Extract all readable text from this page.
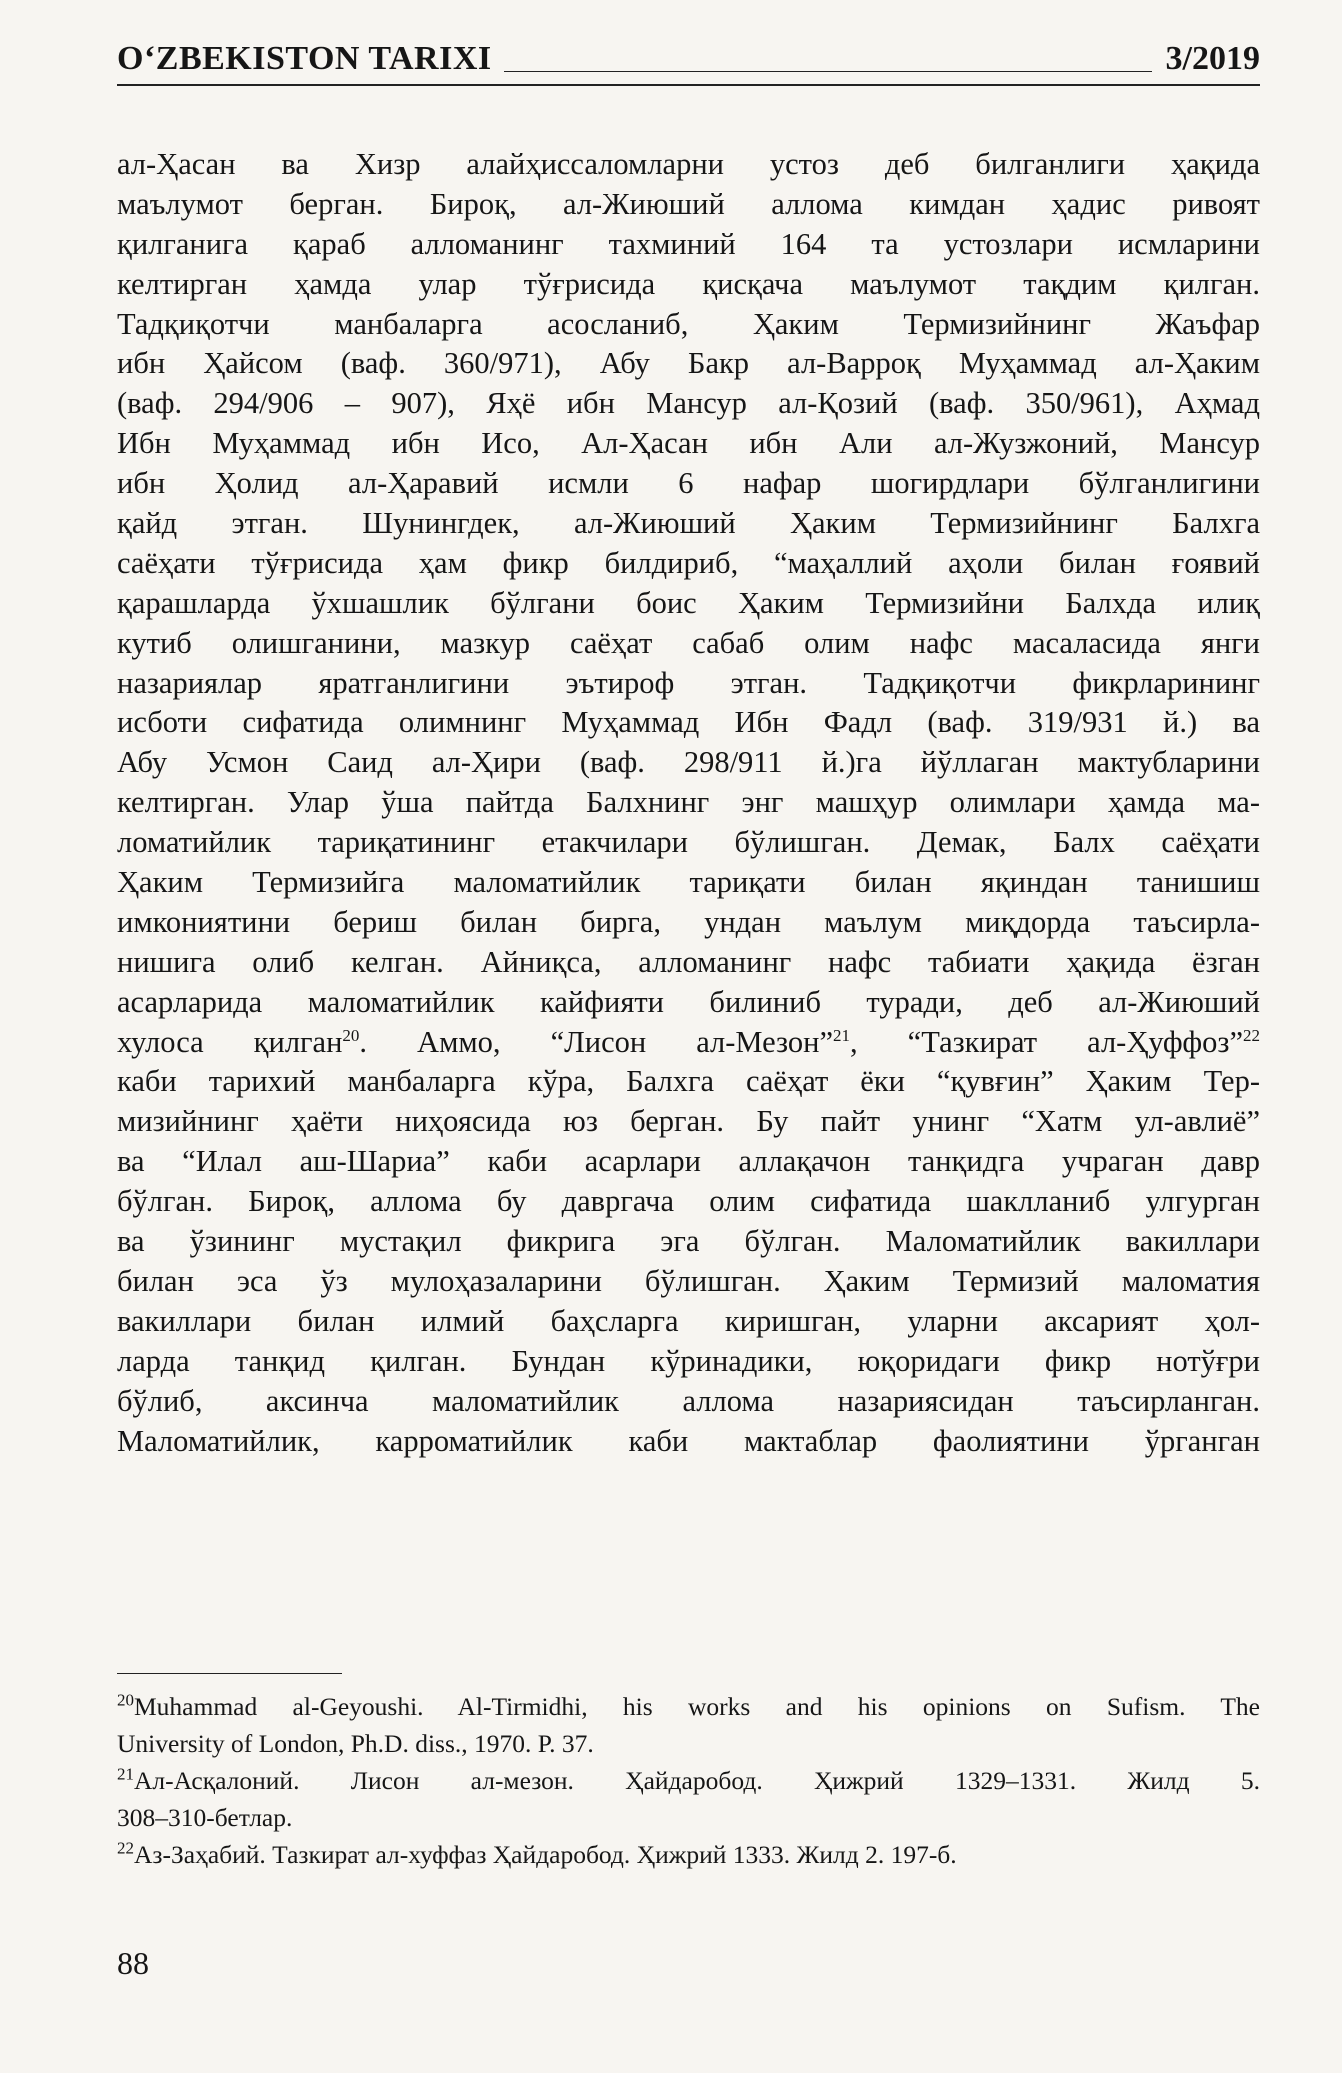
O‘ZBEKISTON TARIXI	3/2019
ал-Ҳасан ва Хизр алайҳиссаломларни устоз деб билганлиги ҳақида
маълумот берган. Бироқ, ал-Жиюший аллома кимдан ҳадис ривоят
қилганига қараб алломанинг тахминий 164 та устозлари исмларини
келтирган ҳамда улар тўғрисида қисқача маълумот тақдим қилган.
Тадқиқотчи манбаларга асосланиб, Ҳаким Термизийнинг Жаъфар
ибн Ҳайсом (ваф. 360/971), Абу Бакр ал-Варроқ Муҳаммад ал-Ҳаким
(ваф. 294/906 – 907), Яҳё ибн Мансур ал-Қозий (ваф. 350/961), Аҳмад
Ибн Муҳаммад ибн Исо, Ал-Ҳасан ибн Али ал-Жузжоний, Мансур
ибн Ҳолид ал-Ҳаравий исмли 6 нафар шогирдлари бўлганлигини
қайд этган. Шунингдек, ал-Жиюший Ҳаким Термизийнинг Балхга
саёҳати тўғрисида ҳам фикр билдириб, “маҳаллий аҳоли билан ғоявий
қарашларда ўхшашлик бўлгани боис Ҳаким Термизийни Балхда илиқ
кутиб олишганини, мазкур саёҳат сабаб олим нафс масаласида янги
назариялар яратганлигини эътироф этган. Тадқиқотчи фикрларининг
исботи сифатида олимнинг Муҳаммад Ибн Фадл (ваф. 319/931 й.) ва
Абу Усмон Саид ал-Ҳири (ваф. 298/911 й.)га йўллаган мактубларини
келтирган. Улар ўша пайтда Балхнинг энг машҳур олимлари ҳамда ма-
ломатийлик тариқатининг етакчилари бўлишган. Демак, Балх саёҳати
Ҳаким Термизийга маломатийлик тариқати билан яқиндан танишиш
имкониятини бериш билан бирга, ундан маълум миқдорда таъсирла-
нишига олиб келган. Айниқса, алломанинг нафс табиати ҳақида ёзган
асарларида маломатийлик кайфияти билиниб туради, деб ал-Жиюший
хулоса қилган$^{20}$. Аммо, “Лисон ал-Мезон”$^{21}$, “Тазкират ал-Ҳуффоз”$^{22}$
каби тарихий манбаларга кўра, Балхга саёҳат ёки “қувғин” Ҳаким Тер-
мизийнинг ҳаёти ниҳоясида юз берган. Бу пайт унинг “Хатм ул-авлиё”
ва “Илал аш-Шариа” каби асарлари аллақачон танқидга учраган давр
бўлган. Бироқ, аллома бу давргача олим сифатида шаклланиб улгурган
ва ўзининг мустақил фикрига эга бўлган. Маломатийлик вакиллари
билан эса ўз мулоҳазаларини бўлишган. Ҳаким Термизий маломатия
вакиллари билан илмий баҳсларга киришган, уларни аксарият ҳол-
ларда танқид қилган. Бундан кўринадики, юқоридаги фикр нотўғри
бўлиб, аксинча маломатийлик аллома назариясидан таъсирланган.
Маломатийлик, карроматийлик каби мактаблар фаолиятини ўрганган
$^{20}$Muhammad al-Geyoushi. Al-Tirmidhi, his works and his opinions on Sufism. The
University of London, Ph.D. diss., 1970. P. 37.
$^{21}$Ал-Асқалоний. Лисон ал-мезон. Ҳайдаробод. Ҳижрий 1329–1331. Жилд 5.
308–310-бетлар.
$^{22}$Аз-Заҳабий. Тазкират ал-хуффаз Ҳайдаробод. Ҳижрий 1333. Жилд 2. 197-б.
88
